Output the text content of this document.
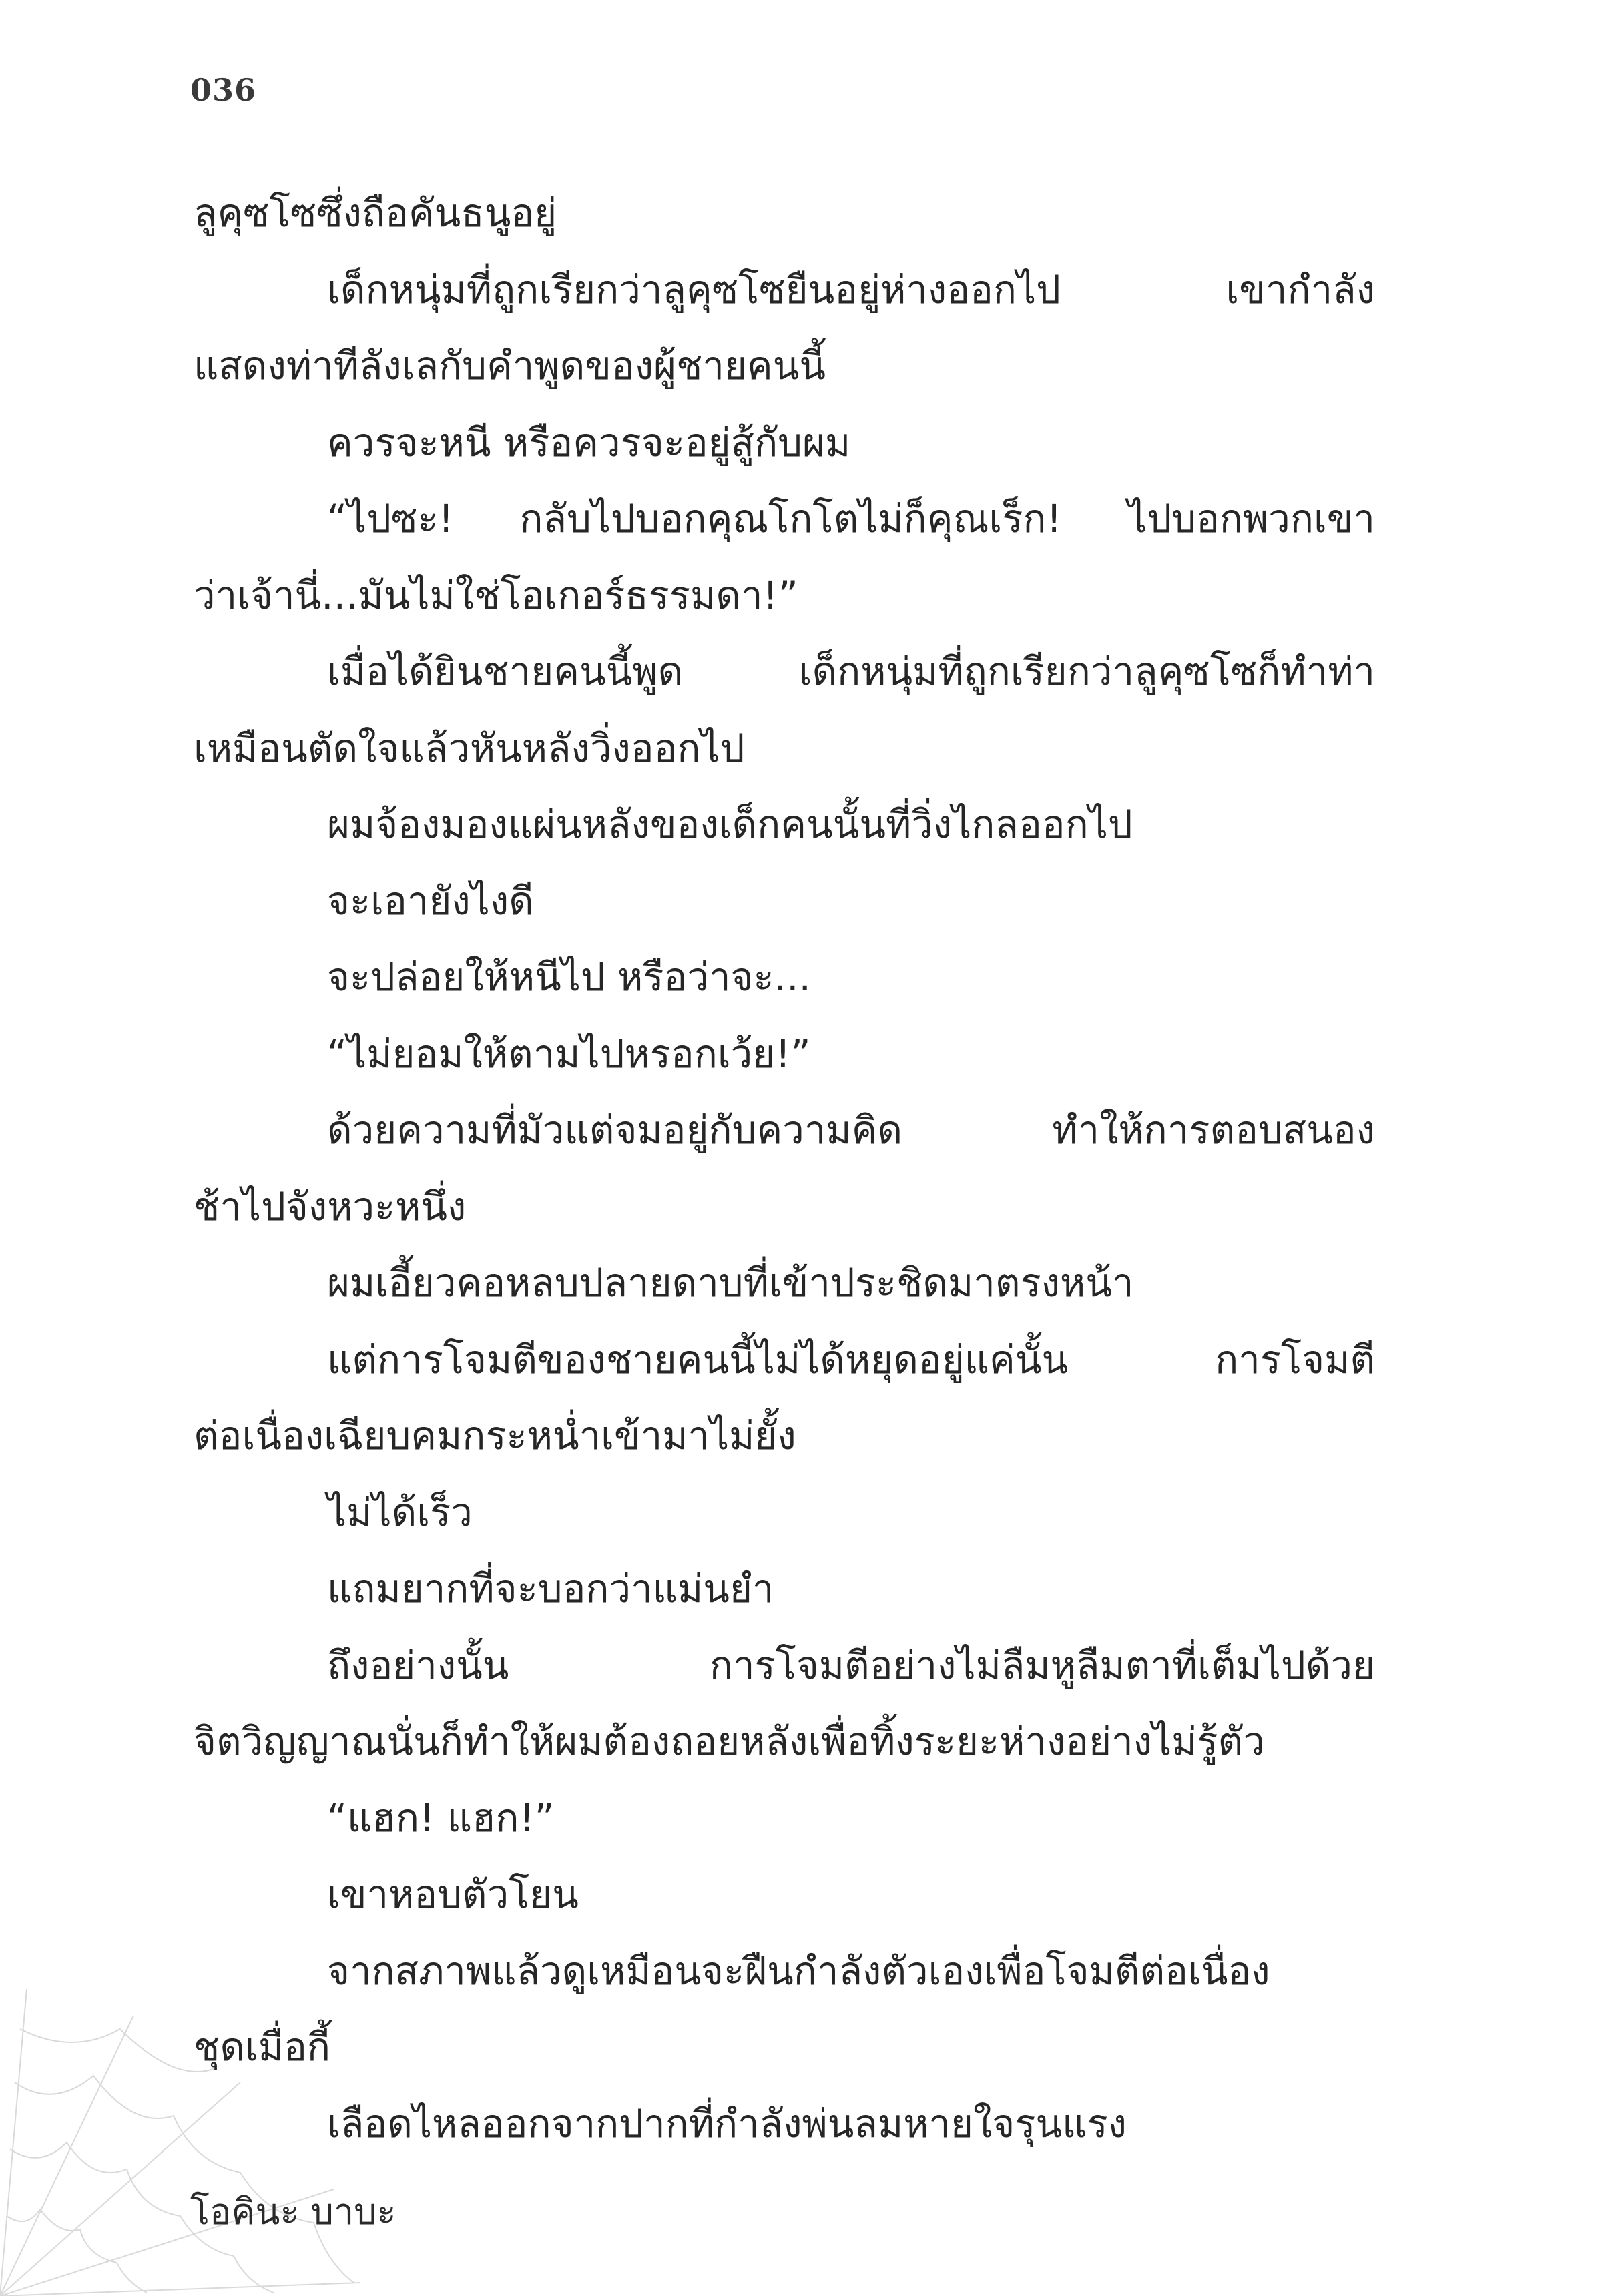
036
ลูคุซโซซึ่งถือคันธนูอยู่
เด็กหนุ่มที่ถูกเรียกว่าลูคุซโซยืนอยู่ห่างออกไป เขากำลัง
แสดงท่าทีลังเลกับคำพูดของผู้ชายคนนี้
ควรจะหนี หรือควรจะอยู่สู้กับผม
“ไปซะ! กลับไปบอกคุณโกโตไม่ก็คุณเร็ก! ไปบอกพวกเขา
ว่าเจ้านี่...มันไม่ใช่โอเกอร์ธรรมดา!”
เมื่อได้ยินชายคนนี้พูด เด็กหนุ่มที่ถูกเรียกว่าลูคุซโซก็ทำท่า
เหมือนตัดใจแล้วหันหลังวิ่งออกไป
ผมจ้องมองแผ่นหลังของเด็กคนนั้นที่วิ่งไกลออกไป
จะเอายังไงดี
จะปล่อยให้หนีไป หรือว่าจะ...
“ไม่ยอมให้ตามไปหรอกเว้ย!”
ด้วยความที่มัวแต่จมอยู่กับความคิด ทำให้การตอบสนอง
ช้าไปจังหวะหนึ่ง
ผมเอี้ยวคอหลบปลายดาบที่เข้าประชิดมาตรงหน้า
แต่การโจมตีของชายคนนี้ไม่ได้หยุดอยู่แค่นั้น การโจมตี
ต่อเนื่องเฉียบคมกระหน่ำเข้ามาไม่ยั้ง
ไม่ได้เร็ว
แถมยากที่จะบอกว่าแม่นยำ
ถึงอย่างนั้น การโจมตีอย่างไม่ลืมหูลืมตาที่เต็มไปด้วย
จิตวิญญาณนั่นก็ทำให้ผมต้องถอยหลังเพื่อทิ้งระยะห่างอย่างไม่รู้ตัว
“แฮก! แฮก!”
เขาหอบตัวโยน
จากสภาพแล้วดูเหมือนจะฝืนกำลังตัวเองเพื่อโจมตีต่อเนื่อง
ชุดเมื่อกี้
เลือดไหลออกจากปากที่กำลังพ่นลมหายใจรุนแรง
โอคินะ บาบะ
